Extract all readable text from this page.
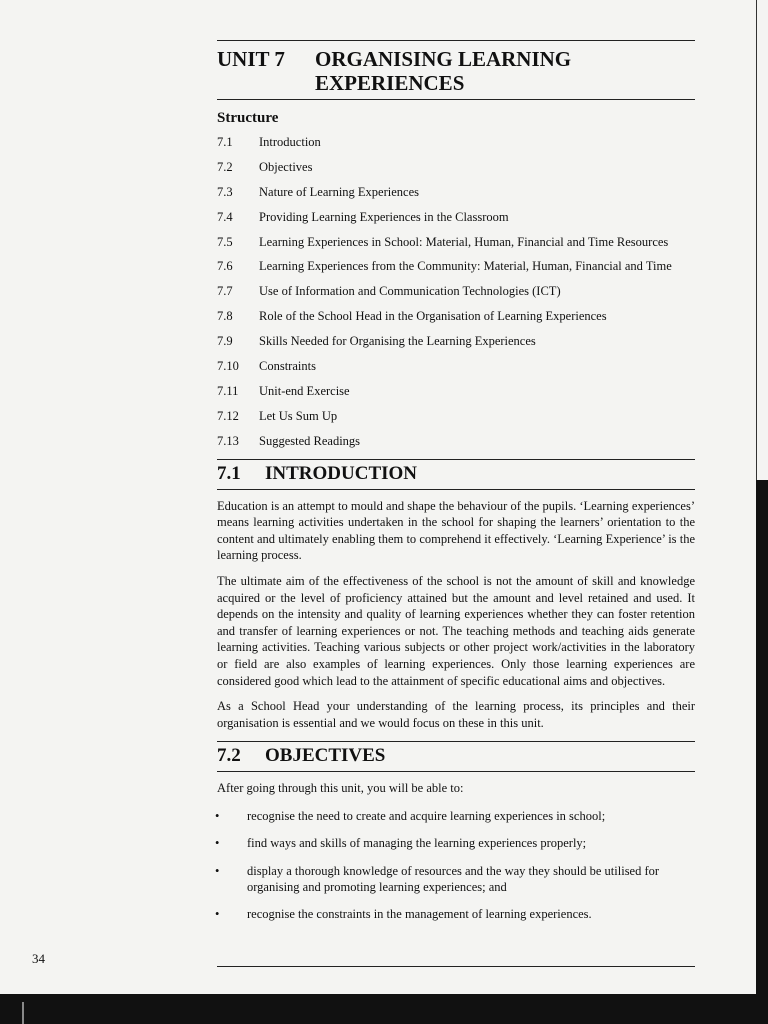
UNIT 7	ORGANISING LEARNING EXPERIENCES
Structure
7.1	Introduction
7.2	Objectives
7.3	Nature of Learning Experiences
7.4	Providing Learning Experiences in the Classroom
7.5	Learning Experiences in School: Material, Human, Financial and Time Resources
7.6	Learning Experiences from the Community: Material, Human, Financial and Time
7.7	Use of Information and Communication Technologies (ICT)
7.8	Role of the School Head in the Organisation of Learning Experiences
7.9	Skills Needed for Organising the Learning Experiences
7.10	Constraints
7.11	Unit-end Exercise
7.12	Let Us Sum Up
7.13	Suggested Readings
7.1	INTRODUCTION

Education is an attempt to mould and shape the behaviour of the pupils. ‘Learning experiences’ means learning activities undertaken in the school for shaping the learners’ orientation to the content and ultimately enabling them to comprehend it effectively. ‘Learning Experience’ is the learning process.

The ultimate aim of the effectiveness of the school is not the amount of skill and knowledge acquired or the level of proficiency attained but the amount and level retained and used. It depends on the intensity and quality of learning experiences whether they can foster retention and transfer of learning experiences or not. The teaching methods and teaching aids generate learning activities. Teaching various subjects or other project work/activities in the laboratory or field are also examples of learning experiences. Only those learning experiences are considered good which lead to the attainment of specific educational aims and objectives.

As a School Head your understanding of the learning process, its principles and their organisation is essential and we would focus on these in this unit.

7.2	OBJECTIVES

After going through this unit, you will be able to:

•	recognise the need to create and acquire learning experiences in school;
•	find ways and skills of managing the learning experiences properly;
•	display a thorough knowledge of resources and the way they should be utilised for organising and promoting learning experiences; and
•	recognise the constraints in the management of learning experiences.
34
